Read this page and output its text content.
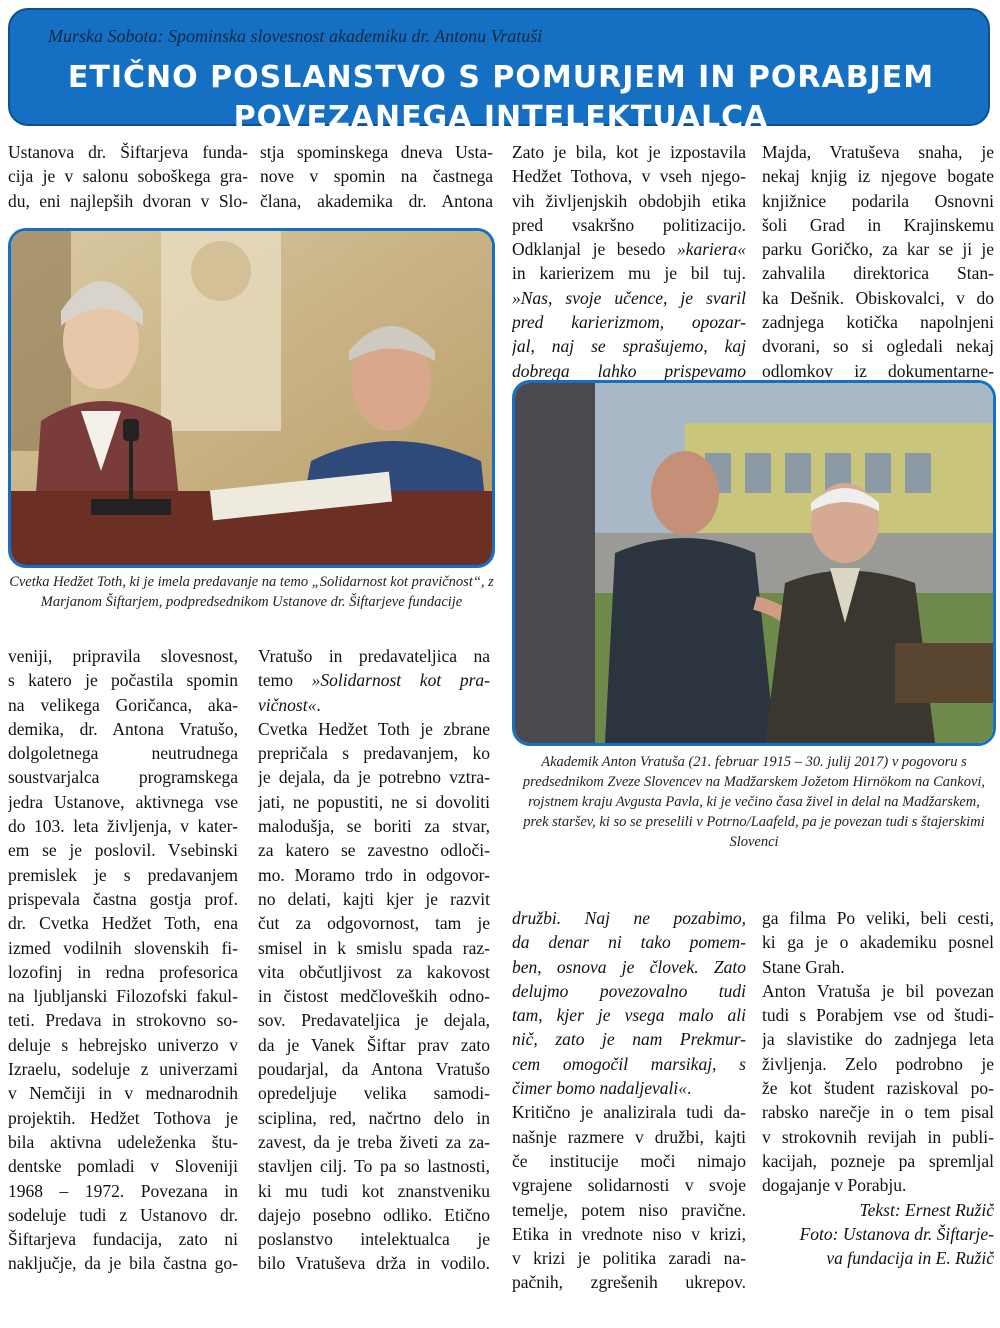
Murska Sobota: Spominska slovesnost akademiku dr. Antonu Vratuši
ETIČNO POSLANSTVO S POMURJEM IN PORABJEM
POVEZANEGA INTELEKTUALCA
Ustanova dr. Šiftarjeva funda-
cija je v salonu soboškega gra-
du, eni najlepših dvoran v Slo-
stja spominskega dneva Usta-
nove v spomin na častnega
člana, akademika dr. Antona
Zato je bila, kot je izpostavila
Hedžet Tothova, v vseh njego-
vih življenjskih obdobjih etika
pred vsakršno politizacijo.
Odklanjal je besedo »kariera«
in karierizem mu je bil tuj.
»Nas, svoje učence, je svaril
pred karierizmom, opozar-
jal, naj se sprašujemo, kaj
dobrega lahko prispevamo
Majda, Vratuševa snaha, je
nekaj knjig iz njegove bogate
knjižnice podarila Osnovni
šoli Grad in Krajinskemu
parku Goričko, za kar se ji je
zahvalila direktorica Stan-
ka Dešnik. Obiskovalci, v do
zadnjega kotička napolnjeni
dvorani, so si ogledali nekaj
odlomkov iz dokumentarne-
Cvetka Hedžet Toth, ki je imela predavanje na temo „Solidarnost kot pravičnost“, z
Marjanom Šiftarjem, podpredsednikom Ustanove dr. Šiftarjeve fundacije
Akademik Anton Vratuša (21. februar 1915 – 30. julij 2017) v pogovoru s
predsednikom Zveze Slovencev na Madžarskem Jožetom Hirnökom na Cankovi,
rojstnem kraju Avgusta Pavla, ki je večino časa živel in delal na Madžarskem,
prek staršev, ki so se preselili v Potrno/Laafeld, pa je povezan tudi s štajerskimi
Slovenci
veniji, pripravila slovesnost,
s katero je počastila spomin
na velikega Goričanca, aka-
demika, dr. Antona Vratušo,
dolgoletnega neutrudnega
soustvarjalca programskega
jedra Ustanove, aktivnega vse
do 103. leta življenja, v kater-
em se je poslovil. Vsebinski
premislek je s predavanjem
prispevala častna gostja prof.
dr. Cvetka Hedžet Toth, ena
izmed vodilnih slovenskih fi-
lozofinj in redna profesorica
na ljubljanski Filozofski fakul-
teti. Predava in strokovno so-
deluje s hebrejsko univerzo v
Izraelu, sodeluje z univerzami
v Nemčiji in v mednarodnih
projektih. Hedžet Tothova je
bila aktivna udeleženka štu-
dentske pomladi v Sloveniji
1968 – 1972. Povezana in
sodeluje tudi z Ustanovo dr.
Šiftarjeva fundacija, zato ni
naključje, da je bila častna go-
Vratušo in predavateljica na
temo »Solidarnost kot pra-
vičnost«.
Cvetka Hedžet Toth je zbrane
prepričala s predavanjem, ko
je dejala, da je potrebno vztra-
jati, ne popustiti, ne si dovoliti
malodušja, se boriti za stvar,
za katero se zavestno odloči-
mo. Moramo trdo in odgovor-
no delati, kajti kjer je razvit
čut za odgovornost, tam je
smisel in k smislu spada raz-
vita občutljivost za kakovost
in čistost medčloveških odno-
sov. Predavateljica je dejala,
da je Vanek Šiftar prav zato
poudarjal, da Antona Vratušo
opredeljuje velika samodi-
sciplina, red, načrtno delo in
zavest, da je treba živeti za za-
stavljen cilj. To pa so lastnosti,
ki mu tudi kot znanstveniku
dajejo posebno odliko. Etično
poslanstvo intelektualca je
bilo Vratuševa drža in vodilo.
družbi. Naj ne pozabimo,
da denar ni tako pomem-
ben, osnova je človek. Zato
delujmo povezovalno tudi
tam, kjer je vsega malo ali
nič, zato je nam Prekmur-
cem omogočil marsikaj, s
čimer bomo nadaljevali«.
Kritično je analizirala tudi da-
našnje razmere v družbi, kajti
če institucije moči nimajo
vgrajene solidarnosti v svoje
temelje, potem niso pravične.
Etika in vrednote niso v krizi,
v krizi je politika zaradi na-
pačnih, zgrešenih ukrepov.
ga filma Po veliki, beli cesti,
ki ga je o akademiku posnel
Stane Grah.
Anton Vratuša je bil povezan
tudi s Porabjem vse od študi-
ja slavistike do zadnjega leta
življenja. Zelo podrobno je
že kot študent raziskoval po-
rabsko narečje in o tem pisal
v strokovnih revijah in publi-
kacijah, pozneje pa spremljal
dogajanje v Porabju.
Tekst: Ernest Ružič
Foto: Ustanova dr. Šiftarje-
va fundacija in E. Ružič
